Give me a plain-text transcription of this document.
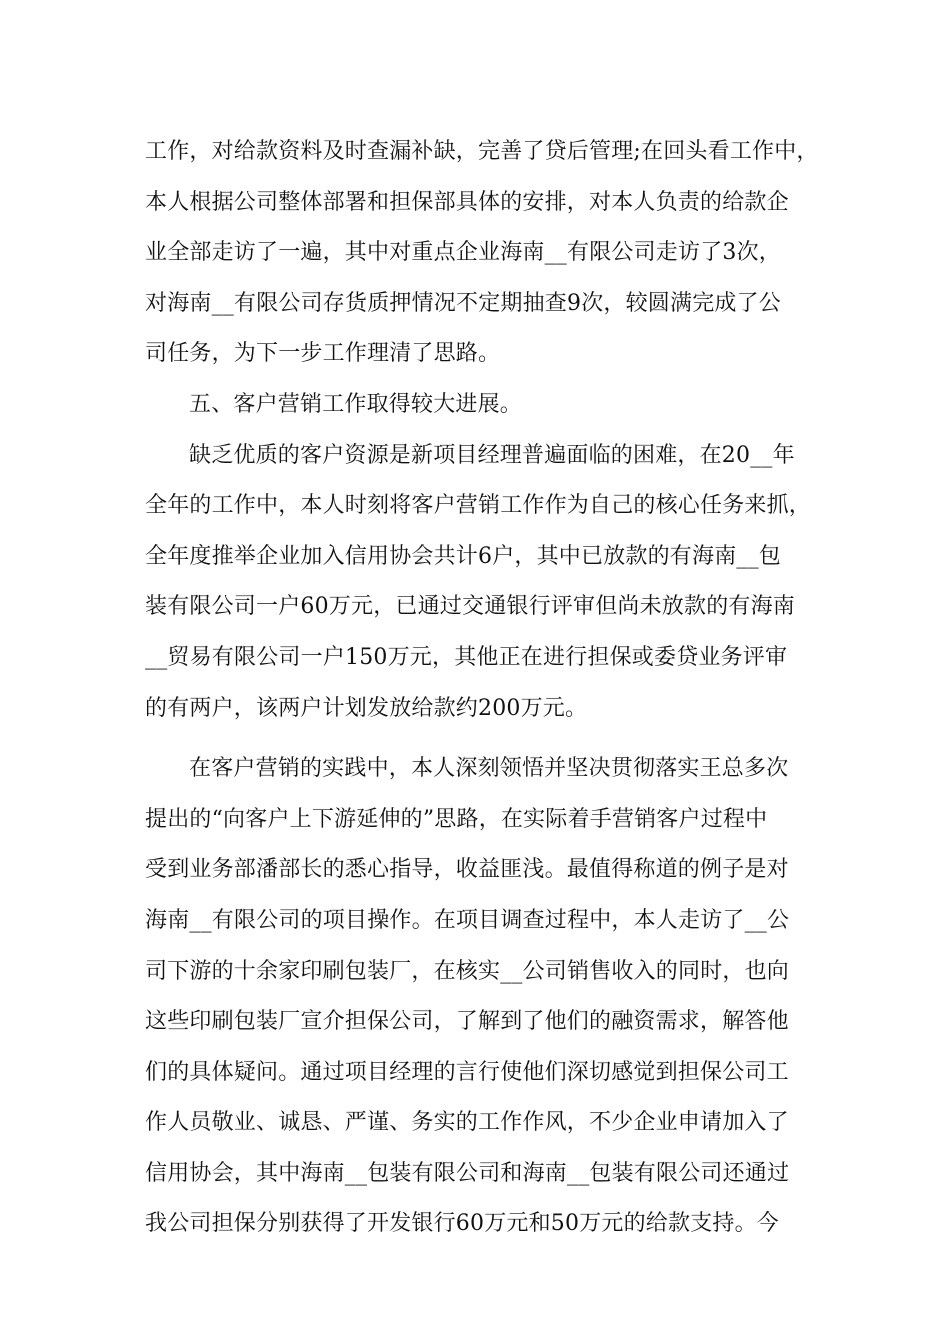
工作，对给款资料及时查漏补缺，完善了贷后管理;在回头看工作中，
本人根据公司整体部署和担保部具体的安排，对本人负责的给款企
业全部走访了一遍，其中对重点企业海南__有限公司走访了3次，
对海南__有限公司存货质押情况不定期抽查9次，较圆满完成了公
司任务，为下一步工作理清了思路。
五、客户营销工作取得较大进展。
缺乏优质的客户资源是新项目经理普遍面临的困难，在20__年
全年的工作中，本人时刻将客户营销工作作为自己的核心任务来抓，
全年度推举企业加入信用协会共计6户，其中已放款的有海南__包
装有限公司一户60万元，已通过交通银行评审但尚未放款的有海南
__贸易有限公司一户150万元，其他正在进行担保或委贷业务评审
的有两户，该两户计划发放给款约200万元。
在客户营销的实践中，本人深刻领悟并坚决贯彻落实王总多次
提出的“向客户上下游延伸的”思路，在实际着手营销客户过程中
受到业务部潘部长的悉心指导，收益匪浅。最值得称道的例子是对
海南__有限公司的项目操作。在项目调查过程中，本人走访了__公
司下游的十余家印刷包装厂，在核实__公司销售收入的同时，也向
这些印刷包装厂宣介担保公司，了解到了他们的融资需求，解答他
们的具体疑问。通过项目经理的言行使他们深切感觉到担保公司工
作人员敬业、诚恳、严谨、务实的工作作风，不少企业申请加入了
信用协会，其中海南__包装有限公司和海南__包装有限公司还通过
我公司担保分别获得了开发银行60万元和50万元的给款支持。今
